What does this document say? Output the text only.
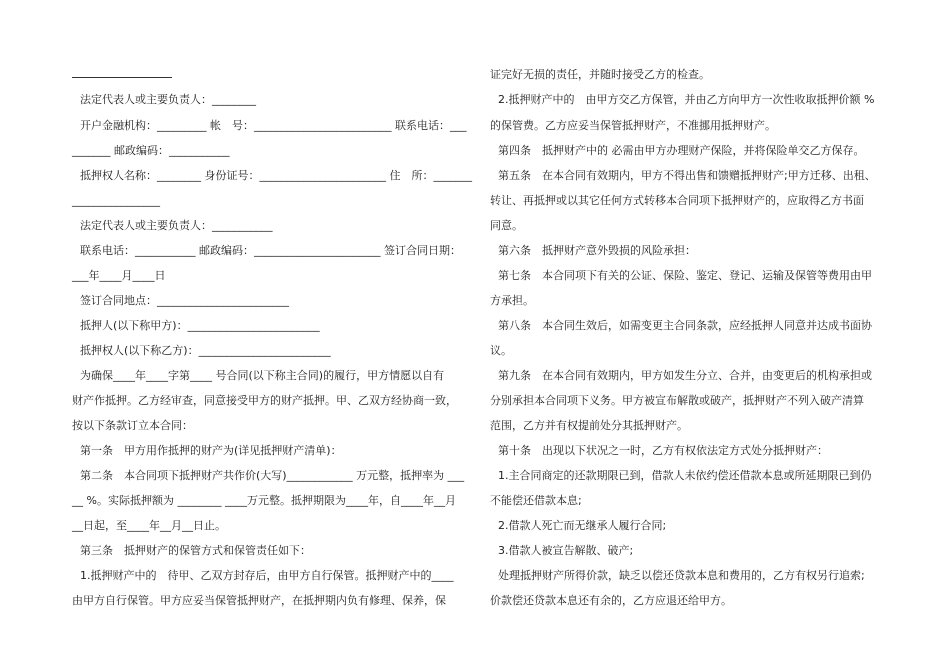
法定代表人或主要负责人：________
开户金融机构：_________ 帐　号：_________________________ 联系电话：___
_______ 邮政编码：___________
抵押权人名称：________ 身份证号：_______________________ 住　所：_______
________________
法定代表人或主要负责人：___________
联系电话：___________ 邮政编码：_______________________ 签订合同日期：
___年____月____日
签订合同地点：________________________
抵押人(以下称甲方)：________________________
抵押权人(以下称乙方)：________________________
为确保____年____字第____ 号合同(以下称主合同)的履行，甲方情愿以自有
财产作抵押。乙方经审查，同意接受甲方的财产抵押。甲、乙双方经协商一致，
按以下条款订立本合同：
第一条　甲方用作抵押的财产为(详见抵押财产清单)：
第二条　本合同项下抵押财产共作价(大写)____________ 万元整，抵押率为 ___
__ %。实际抵押额为 ________ ____万元整。抵押期限为____年，自____年__月
__日起，至____年__月__日止。
第三条　抵押财产的保管方式和保管责任如下：
1.抵押财产中的　待甲、乙双方封存后，由甲方自行保管。抵押财产中的____
由甲方自行保管。甲方应妥当保管抵押财产，在抵押期内负有修理、保养，保
证完好无损的责任，并随时接受乙方的检查。
2.抵押财产中的　由甲方交乙方保管，并由乙方向甲方一次性收取抵押价额 %
的保管费。乙方应妥当保管抵押财产，不准挪用抵押财产。
第四条　抵押财产中的 必需由甲方办理财产保险，并将保险单交乙方保存。
第五条　在本合同有效期内，甲方不得出售和馈赠抵押财产;甲方迁移、出租、
转让、再抵押或以其它任何方式转移本合同项下抵押财产的，应取得乙方书面
同意。
第六条　抵押财产意外毁损的风险承担：
第七条　本合同项下有关的公证、保险、鉴定、登记、运输及保管等费用由甲
方承担。
第八条　本合同生效后，如需变更主合同条款，应经抵押人同意并达成书面协
议。
第九条　在本合同有效期内，甲方如发生分立、合并，由变更后的机构承担或
分别承担本合同项下义务。甲方被宣布解散或破产，抵押财产不列入破产清算
范围，乙方并有权提前处分其抵押财产。
第十条　出现以下状况之一时，乙方有权依法定方式处分抵押财产：
1.主合同商定的还款期限已到，借款人未依约偿还借款本息或所延期限已到仍
不能偿还借款本息;
2.借款人死亡而无继承人履行合同;
3.借款人被宣告解散、破产;
处理抵押财产所得价款，缺乏以偿还贷款本息和费用的，乙方有权另行追索;
价款偿还贷款本息还有余的，乙方应退还给甲方。
